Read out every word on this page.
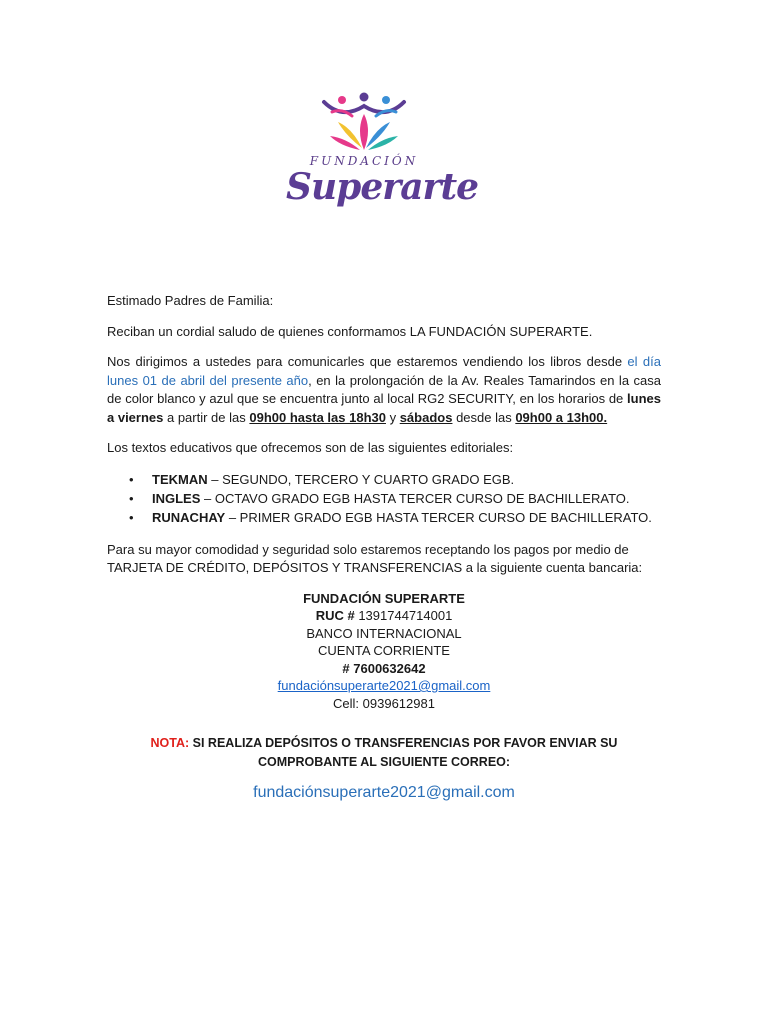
FUNDACIÓN
Superarte

Estimado Padres de Familia:

Reciban un cordial saludo de quienes conformamos LA FUNDACIÓN SUPERARTE.

Nos dirigimos a ustedes para comunicarles que estaremos vendiendo los libros desde el día lunes 01 de abril del presente año, en la prolongación de la Av. Reales Tamarindos en la casa de color blanco y azul que se encuentra junto al local RG2 SECURITY, en los horarios de lunes a viernes a partir de las 09h00 hasta las 18h30 y sábados desde las 09h00 a 13h00.

Los textos educativos que ofrecemos son de las siguientes editoriales:

• TEKMAN – SEGUNDO, TERCERO Y CUARTO GRADO EGB.
• INGLES – OCTAVO GRADO EGB HASTA TERCER CURSO DE BACHILLERATO.
• RUNACHAY – PRIMER GRADO EGB HASTA TERCER CURSO DE BACHILLERATO.

Para su mayor comodidad y seguridad solo estaremos receptando los pagos por medio de TARJETA DE CRÉDITO, DEPÓSITOS Y TRANSFERENCIAS a la siguiente cuenta bancaria:

FUNDACIÓN SUPERARTE
RUC # 1391744714001
BANCO INTERNACIONAL
CUENTA CORRIENTE
# 7600632642
fundaciónsuperarte2021@gmail.com
Cell: 0939612981
NOTA: SI REALIZA DEPÓSITOS O TRANSFERENCIAS POR FAVOR ENVIAR SU COMPROBANTE AL SIGUIENTE CORREO:
fundaciónsuperarte2021@gmail.com
